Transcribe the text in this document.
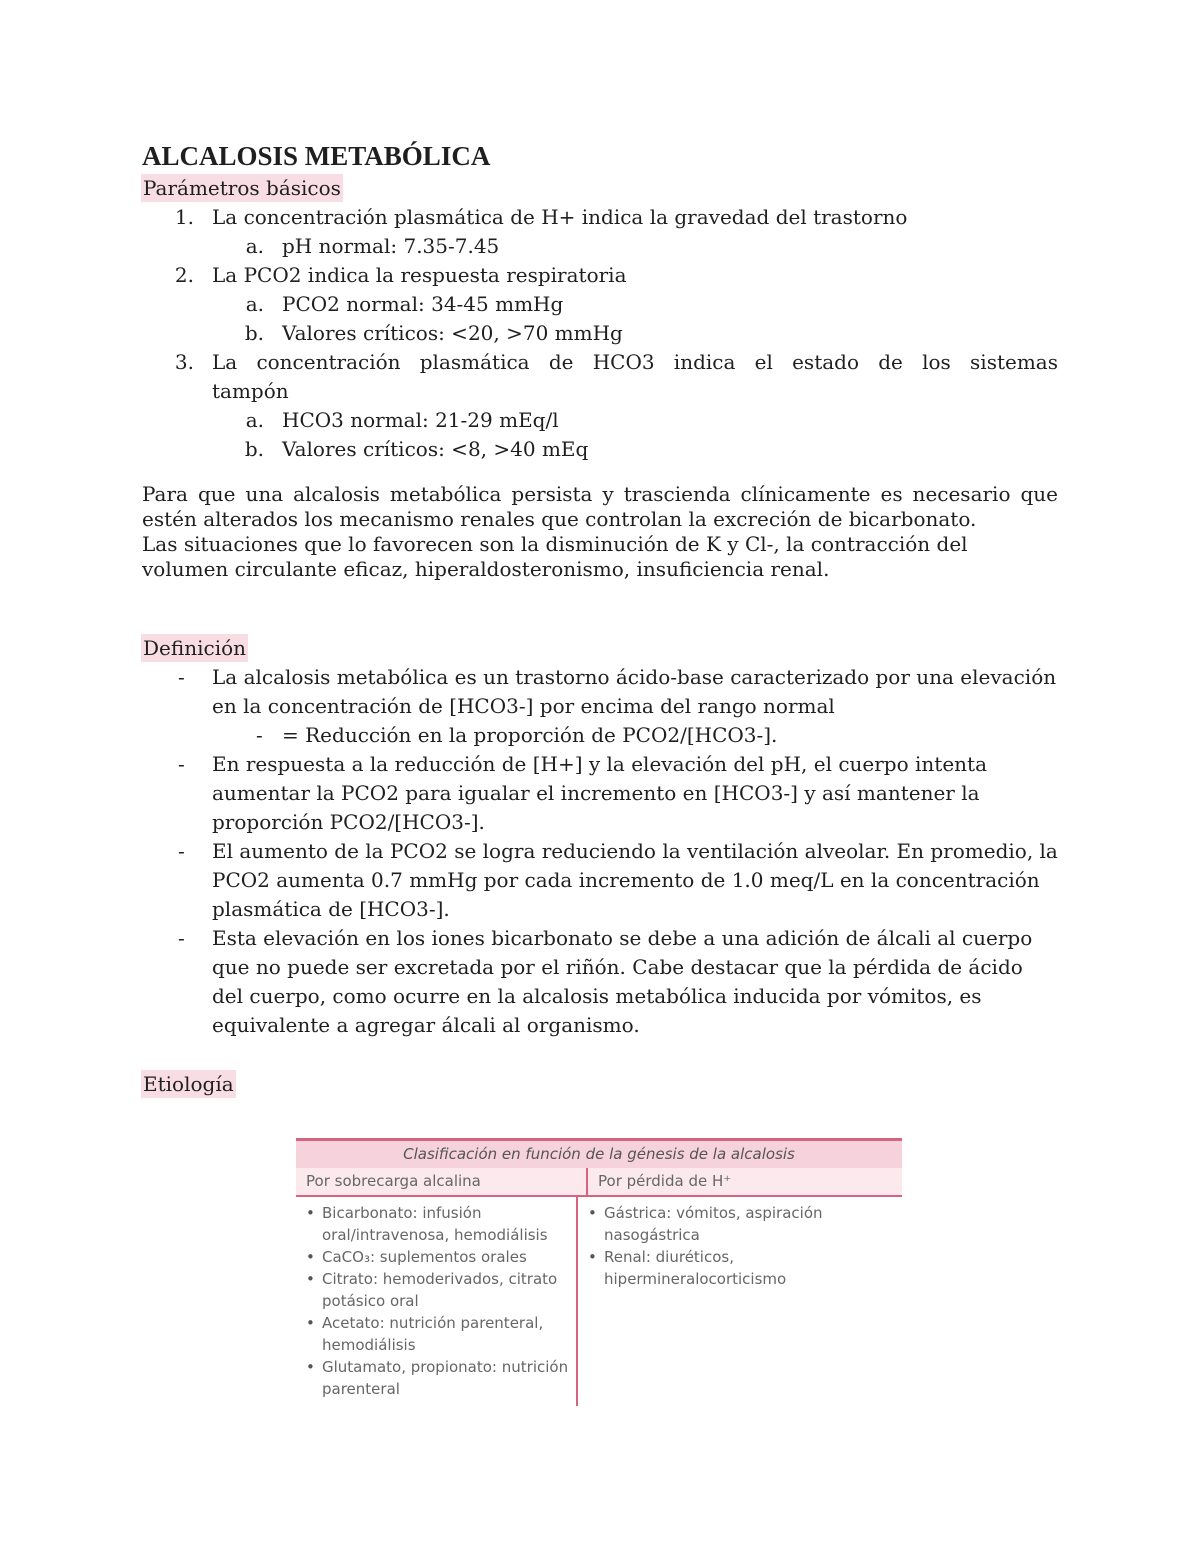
ALCALOSIS METABÓLICA
Parámetros básicos
1. La concentración plasmática de H+ indica la gravedad del trastorno
a. pH normal: 7.35-7.45
2. La PCO2 indica la respuesta respiratoria
a. PCO2 normal: 34-45 mmHg
b. Valores críticos: <20, >70 mmHg
3. La concentración plasmática de HCO3 indica el estado de los sistemas
tampón
a. HCO3 normal: 21-29 mEq/l
b. Valores críticos: <8, >40 mEq
Para que una alcalosis metabólica persista y trascienda clínicamente es necesario que estén alterados los mecanismo renales que controlan la excreción de bicarbonato.
Las situaciones que lo favorecen son la disminución de K y Cl-, la contracción del volumen circulante eficaz, hiperaldosteronismo, insuficiencia renal.
Definición
- La alcalosis metabólica es un trastorno ácido-base caracterizado por una elevación en la concentración de [HCO3-] por encima del rango normal
- = Reducción en la proporción de PCO2/[HCO3-].
- En respuesta a la reducción de [H+] y la elevación del pH, el cuerpo intenta aumentar la PCO2 para igualar el incremento en [HCO3-] y así mantener la proporción PCO2/[HCO3-].
- El aumento de la PCO2 se logra reduciendo la ventilación alveolar. En promedio, la PCO2 aumenta 0.7 mmHg por cada incremento de 1.0 meq/L en la concentración plasmática de [HCO3-].
- Esta elevación en los iones bicarbonato se debe a una adición de álcali al cuerpo que no puede ser excretada por el riñón. Cabe destacar que la pérdida de ácido del cuerpo, como ocurre en la alcalosis metabólica inducida por vómitos, es equivalente a agregar álcali al organismo.
Etiología
Clasificación en función de la génesis de la alcalosis
Por sobrecarga alcalina	Por pérdida de H⁺
• Bicarbonato: infusión oral/intravenosa, hemodiálisis
• CaCO₃: suplementos orales
• Citrato: hemoderivados, citrato potásico oral
• Acetato: nutrición parenteral, hemodiálisis
• Glutamato, propionato: nutrición parenteral
• Gástrica: vómitos, aspiración nasogástrica
• Renal: diuréticos, hipermineralocorticismo
